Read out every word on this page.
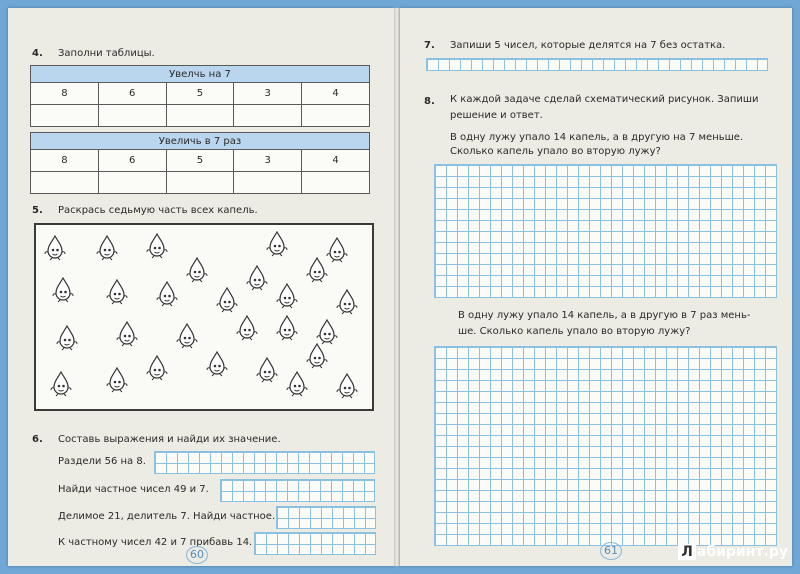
4. Заполни таблицы.
Увелчь на 7				
8	6	5	3	4

Увеличь в 7 раз				
8	6	5	3	4

5. Раскрась седьмую часть всех капель.
6. Составь выражения и найди их значение.
Раздели 56 на 8.
Найди частное чисел 49 и 7.
Делимое 21, делитель 7. Найди частное.
К частному чисел 42 и 7 прибавь 14.
60
7. Запиши 5 чисел, которые делятся на 7 без остатка.
8. К каждой задаче сделай схематический рисунок. Запиши
решение и ответ.
В одну лужу упало 14 капель, а в другую на 7 меньше.
Сколько капель упало во вторую лужу?
В одну лужу упало 14 капель, а в другую в 7 раз мень-
ше. Сколько капель упало во вторую лужу?
61	Л абиринт.ру
